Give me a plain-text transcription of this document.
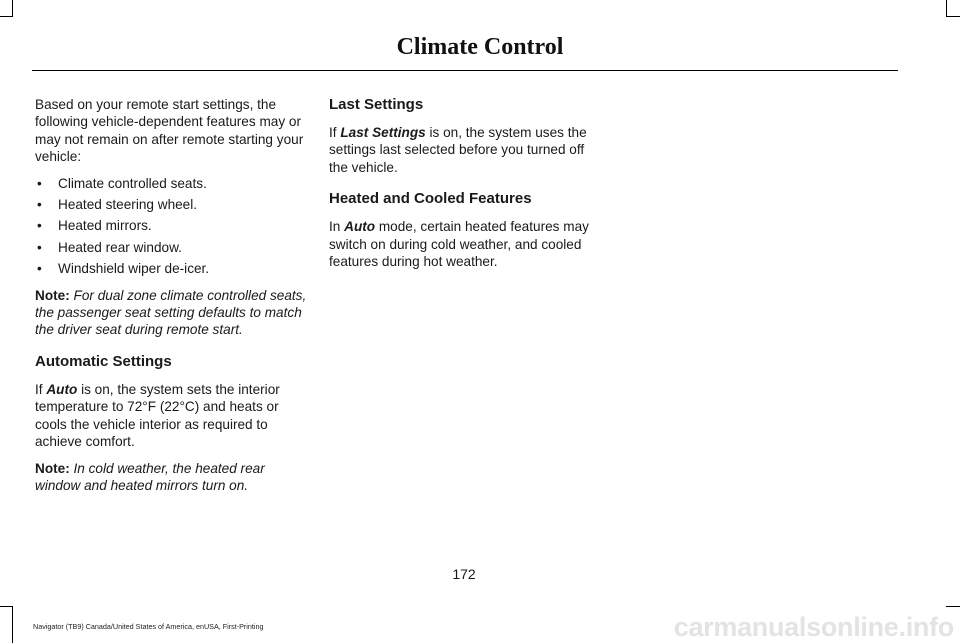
Climate Control

Based on your remote start settings, the following vehicle-dependent features may or may not remain on after remote starting your vehicle:

• Climate controlled seats.
• Heated steering wheel.
• Heated mirrors.
• Heated rear window.
• Windshield wiper de-icer.

Note: For dual zone climate controlled seats, the passenger seat setting defaults to match the driver seat during remote start.

Automatic Settings

If Auto is on, the system sets the interior temperature to 72°F (22°C) and heats or cools the vehicle interior as required to achieve comfort.

Note: In cold weather, the heated rear window and heated mirrors turn on.

Last Settings

If Last Settings is on, the system uses the settings last selected before you turned off the vehicle.

Heated and Cooled Features

In Auto mode, certain heated features may switch on during cold weather, and cooled features during hot weather.

172
Navigator (TB9) Canada/United States of America, enUSA, First-Printing	carmanualsonline.info
